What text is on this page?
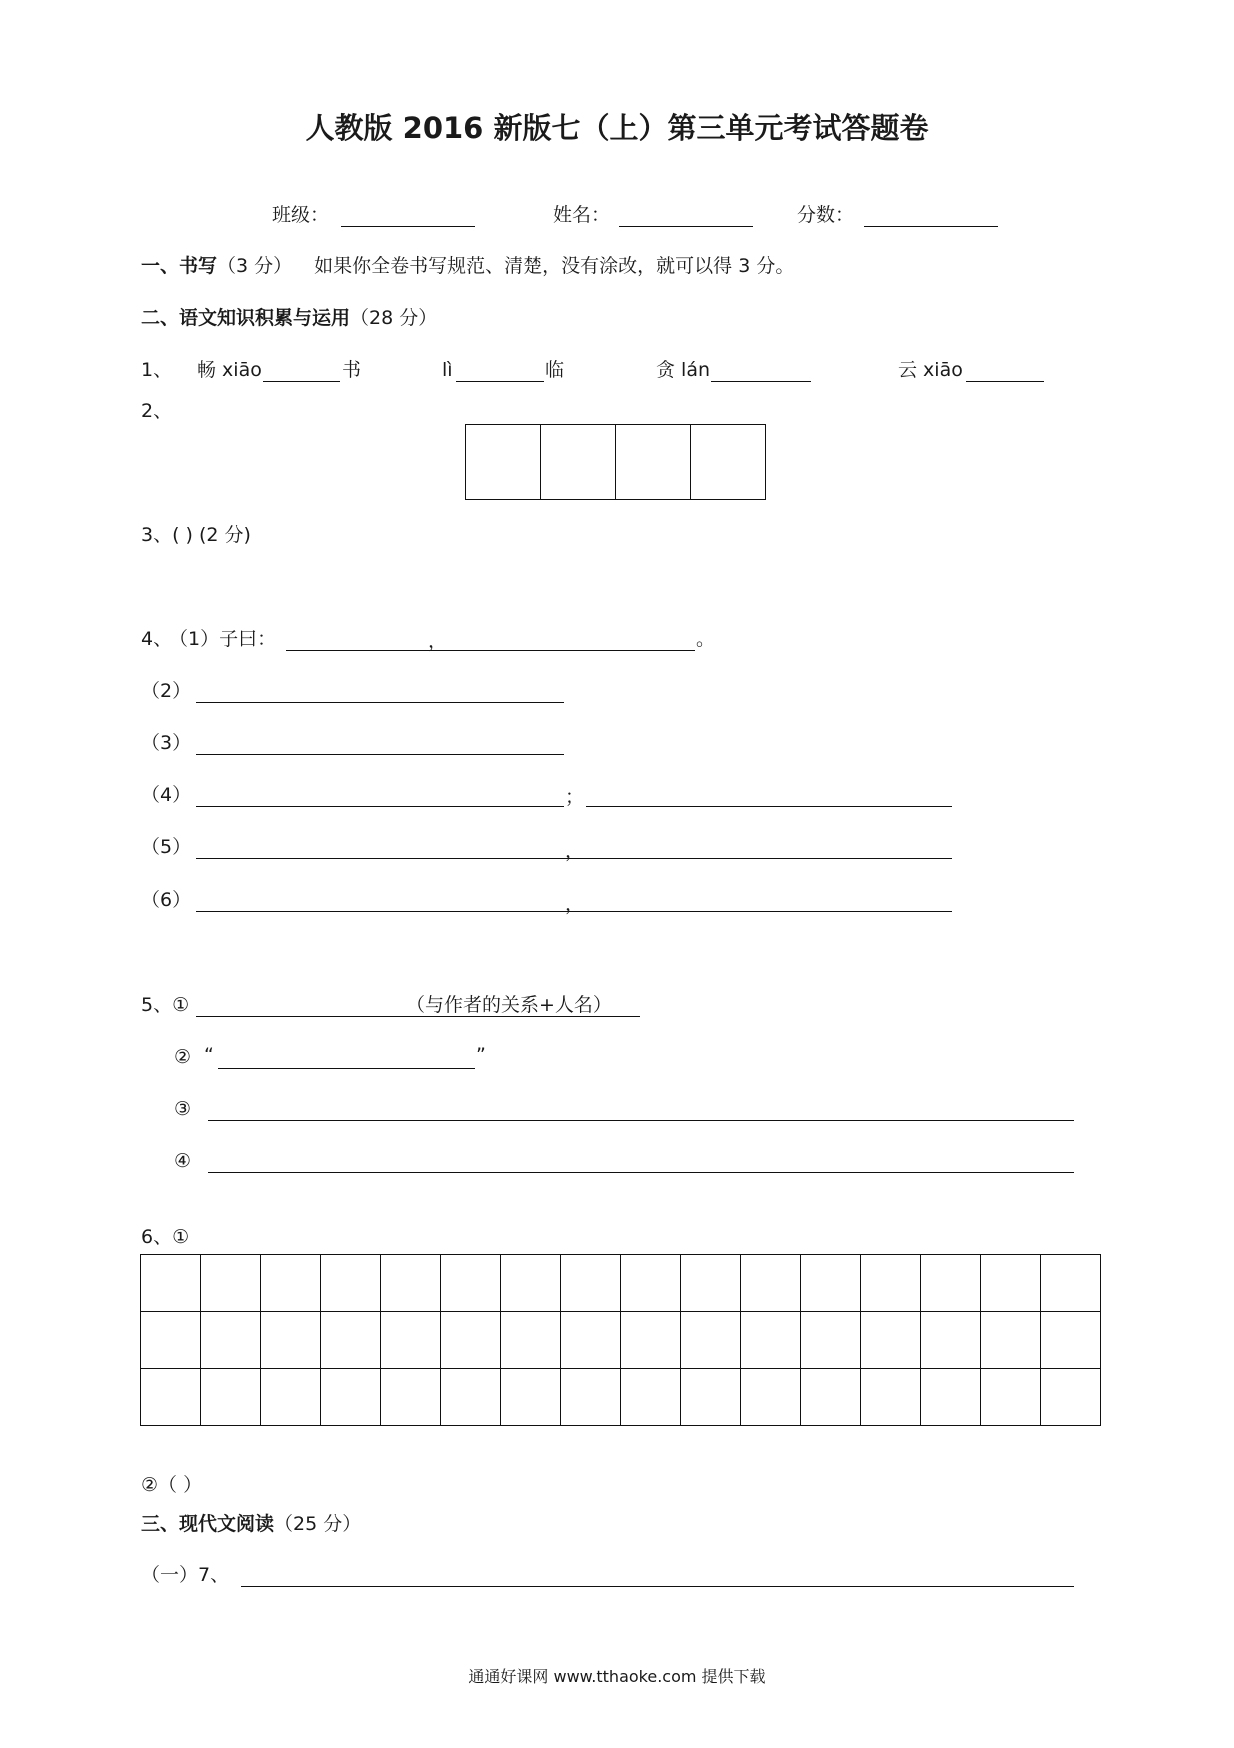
人教版 2016 新版七（上）第三单元考试答题卷
班级：	姓名：	分数：
一、书写（3 分） 如果你全卷书写规范、清楚，没有涂改，就可以得 3 分。
二、语文知识积累与运用（28 分）
1、 畅 xiāo	书	lì	临	贪 lán	云 xiāo
2、
3、( ) (2 分)
4、
（1）子曰：	，	。
（2）
（3）
（4）	；
（5）	，
（6）	，
5、①	（与作者的关系+人名）
② “	”
③
④
6、①
②（ ）
三、现代文阅读（25 分）
（一）7、
通通好课网 www.tthaoke.com 提供下载
